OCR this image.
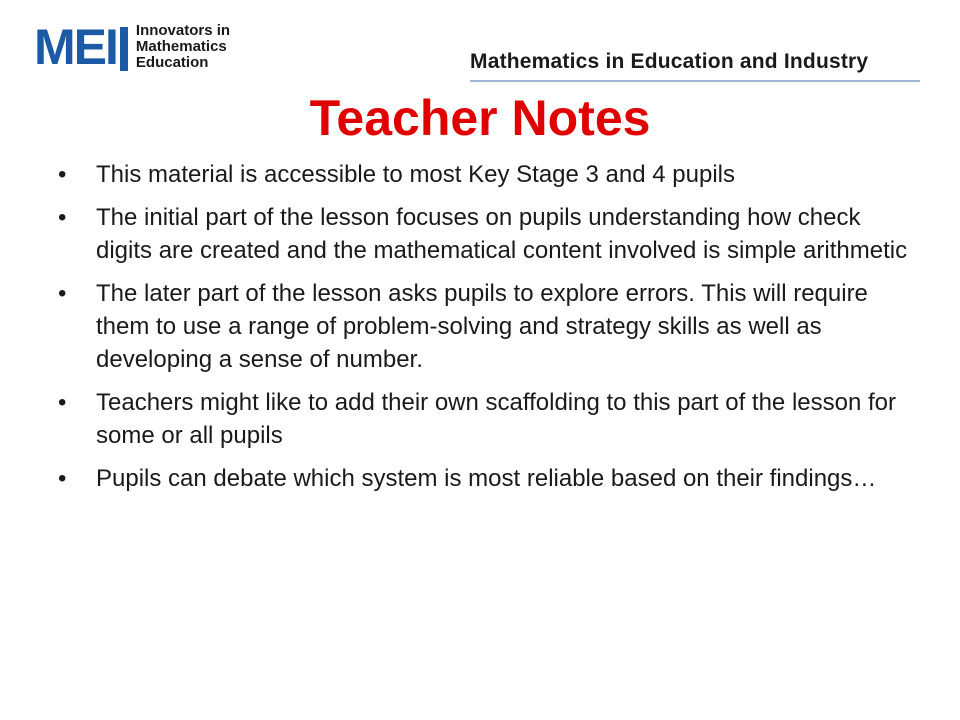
MEI Innovators in
Mathematics
Education	Mathematics in Education and Industry
Teacher Notes
• This material is accessible to most Key Stage 3 and 4 pupils
• The initial part of the lesson focuses on pupils understanding how check digits are created and the mathematical content involved is simple arithmetic
• The later part of the lesson asks pupils to explore errors. This will require them to use a range of problem-solving and strategy skills as well as developing a sense of number.
• Teachers might like to add their own scaffolding to this part of the lesson for some or all pupils
• Pupils can debate which system is most reliable based on their findings…
